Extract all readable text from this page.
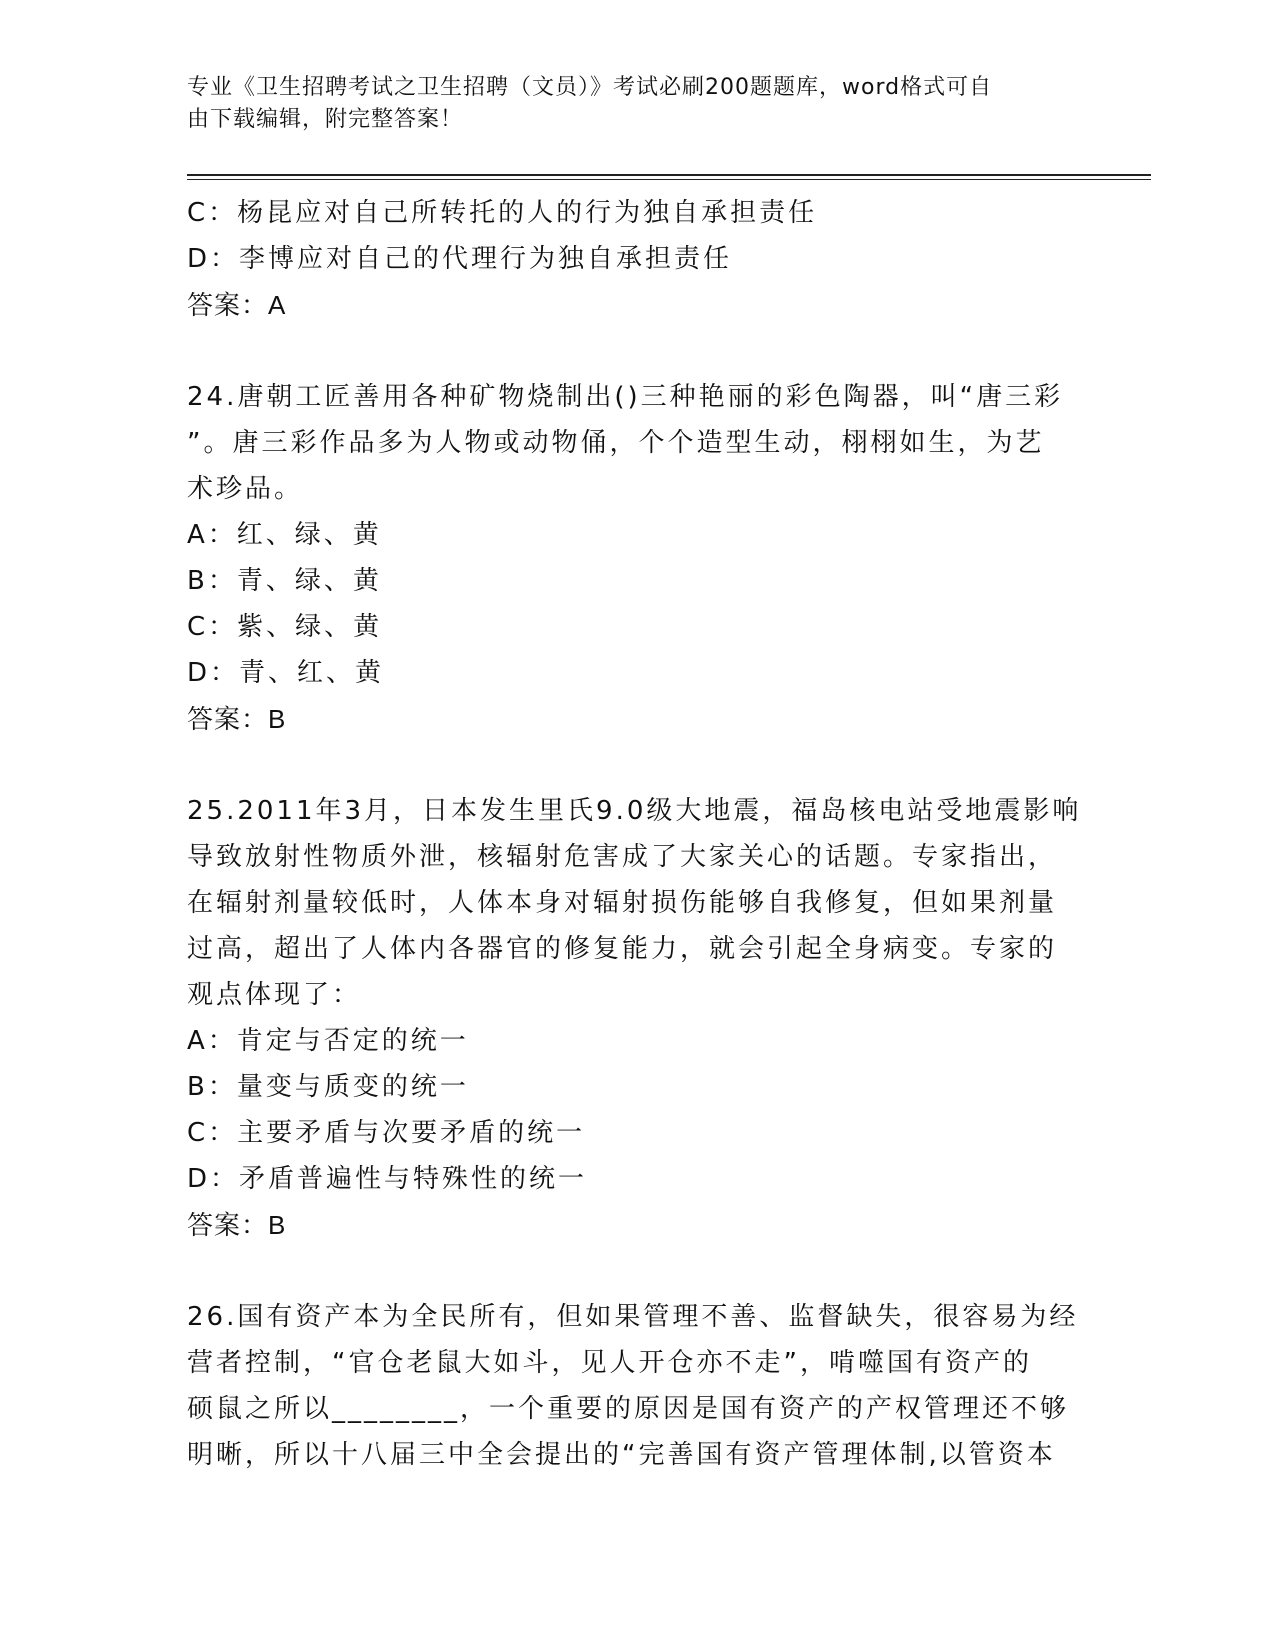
专业《卫生招聘考试之卫生招聘（文员）》考试必刷200题题库，word格式可自
由下载编辑，附完整答案！
C：杨昆应对自己所转托的人的行为独自承担责任
D：李博应对自己的代理行为独自承担责任
答案：A
24.唐朝工匠善用各种矿物烧制出()三种艳丽的彩色陶器，叫“唐三彩
”。唐三彩作品多为人物或动物俑，个个造型生动，栩栩如生，为艺
术珍品。
A：红、绿、黄
B：青、绿、黄
C：紫、绿、黄
D：青、红、黄
答案：B
25.2011年3月，日本发生里氏9.0级大地震，福岛核电站受地震影响
导致放射性物质外泄，核辐射危害成了大家关心的话题。专家指出，
在辐射剂量较低时，人体本身对辐射损伤能够自我修复，但如果剂量
过高，超出了人体内各器官的修复能力，就会引起全身病变。专家的
观点体现了：
A：肯定与否定的统一
B：量变与质变的统一
C：主要矛盾与次要矛盾的统一
D：矛盾普遍性与特殊性的统一
答案：B
26.国有资产本为全民所有，但如果管理不善、监督缺失，很容易为经
营者控制，“官仓老鼠大如斗，见人开仓亦不走”，啃噬国有资产的
硕鼠之所以________，一个重要的原因是国有资产的产权管理还不够
明晰，所以十八届三中全会提出的“完善国有资产管理体制,以管资本
